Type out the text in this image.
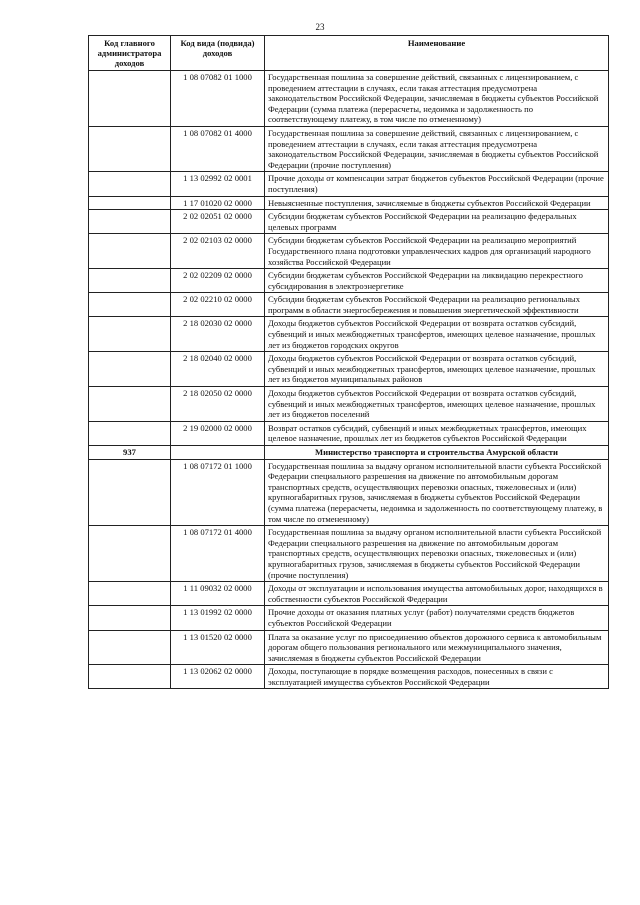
23
Код главного администратора доходов	Код вида (подвида) доходов	Наименование
	1 08 07082 01 1000	Государственная пошлина за совершение действий, связанных с лицензированием, с проведением аттестации в случаях, если такая аттестация предусмотрена законодательством Российской Федерации, зачисляемая в бюджеты субъектов Российской Федерации (сумма платежа (перерасчеты, недоимка и задолженность по соответствующему платежу, в том числе по отмененному)
	1 08 07082 01 4000	Государственная пошлина за совершение действий, связанных с лицензированием, с проведением аттестации в случаях, если такая аттестация предусмотрена законодательством Российской Федерации, зачисляемая в бюджеты субъектов Российской Федерации (прочие поступления)
	1 13 02992 02 0001	Прочие доходы от компенсации затрат бюджетов субъектов Российской Федерации (прочие поступления)
	1 17 01020 02 0000	Невыясненные поступления, зачисляемые в бюджеты субъектов Российской Федерации
	2 02 02051 02 0000	Субсидии бюджетам субъектов Российской Федерации на реализацию федеральных целевых программ
	2 02 02103 02 0000	Субсидии бюджетам субъектов Российской Федерации на реализацию мероприятий Государственного плана подготовки управленческих кадров для организаций народного хозяйства Российской Федерации
	2 02 02209 02 0000	Субсидии бюджетам субъектов Российской Федерации на ликвидацию перекрестного субсидирования в электроэнергетике
	2 02 02210 02 0000	Субсидии бюджетам субъектов Российской Федерации на реализацию региональных программ в области энергосбережения и повышения энергетической эффективности
	2 18 02030 02 0000	Доходы бюджетов субъектов Российской Федерации от возврата остатков субсидий, субвенций и иных межбюджетных трансфертов, имеющих целевое назначение, прошлых лет из бюджетов городских округов
	2 18 02040 02 0000	Доходы бюджетов субъектов Российской Федерации от возврата остатков субсидий, субвенций и иных межбюджетных трансфертов, имеющих целевое назначение, прошлых лет из бюджетов муниципальных районов
	2 18 02050 02 0000	Доходы бюджетов субъектов Российской Федерации от возврата остатков субсидий, субвенций и иных межбюджетных трансфертов, имеющих целевое назначение, прошлых лет из бюджетов поселений
	2 19 02000 02 0000	Возврат остатков субсидий, субвенций и иных межбюджетных трансфертов, имеющих целевое назначение, прошлых лет из бюджетов субъектов Российской Федерации
937		Министерство транспорта и строительства Амурской области
	1 08 07172 01 1000	Государственная пошлина за выдачу органом исполнительной власти субъекта Российской Федерации специального разрешения на движение по автомобильным дорогам транспортных средств, осуществляющих перевозки опасных, тяжеловесных и (или) крупногабаритных грузов, зачисляемая в бюджеты субъектов Российской Федерации (сумма платежа (перерасчеты, недоимка и задолженность по соответствующему платежу, в том числе по отмененному)
	1 08 07172 01 4000	Государственная пошлина за выдачу органом исполнительной власти субъекта Российской Федерации специального разрешения на движение по автомобильным дорогам транспортных средств, осуществляющих перевозки опасных, тяжеловесных и (или) крупногабаритных грузов, зачисляемая в бюджеты субъектов Российской Федерации (прочие поступления)
	1 11 09032 02 0000	Доходы от эксплуатации и использования имущества автомобильных дорог, находящихся в собственности субъектов Российской Федерации
	1 13 01992 02 0000	Прочие доходы от оказания платных услуг (работ) получателями средств бюджетов субъектов Российской Федерации
	1 13 01520 02 0000	Плата за оказание услуг по присоединению объектов дорожного сервиса к автомобильным дорогам общего пользования регионального или межмуниципального значения, зачисляемая в бюджеты субъектов Российской Федерации
	1 13 02062 02 0000	Доходы, поступающие в порядке возмещения расходов, понесенных в связи с эксплуатацией имущества субъектов Российской Федерации
